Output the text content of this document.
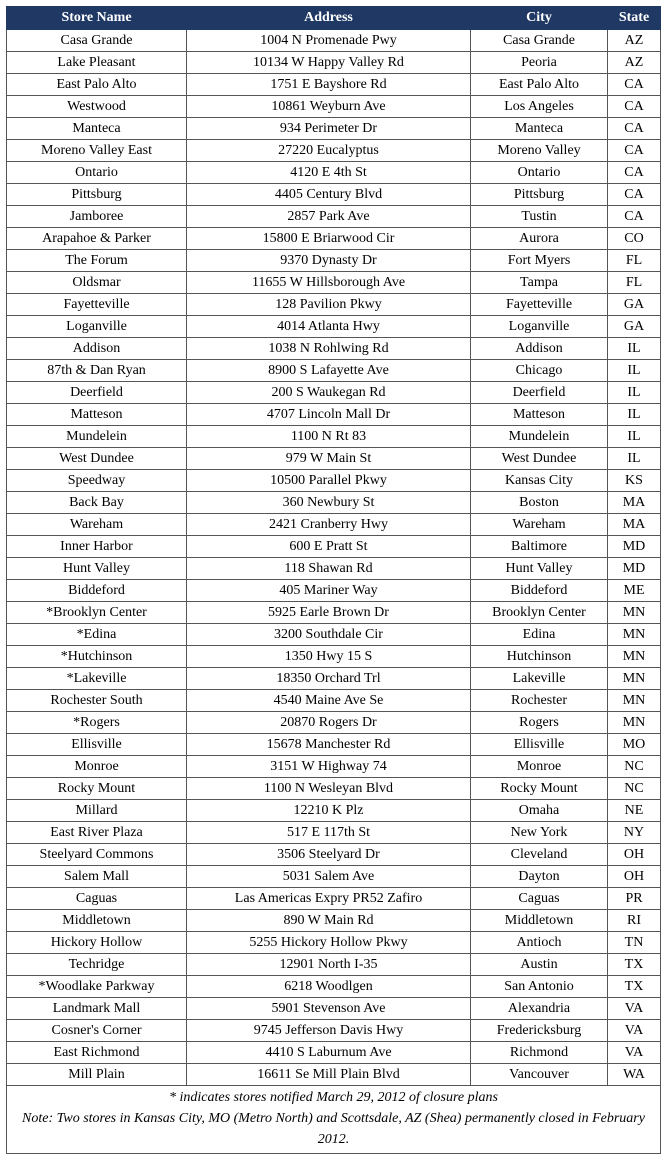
Store Name	Address	City	State
Casa Grande	1004 N Promenade Pwy	Casa Grande	AZ
Lake Pleasant	10134 W Happy Valley Rd	Peoria	AZ
East Palo Alto	1751 E Bayshore Rd	East Palo Alto	CA
Westwood	10861 Weyburn Ave	Los Angeles	CA
Manteca	934 Perimeter Dr	Manteca	CA
Moreno Valley East	27220 Eucalyptus	Moreno Valley	CA
Ontario	4120 E 4th St	Ontario	CA
Pittsburg	4405 Century Blvd	Pittsburg	CA
Jamboree	2857 Park Ave	Tustin	CA
Arapahoe & Parker	15800 E Briarwood Cir	Aurora	CO
The Forum	9370 Dynasty Dr	Fort Myers	FL
Oldsmar	11655 W Hillsborough Ave	Tampa	FL
Fayetteville	128 Pavilion Pkwy	Fayetteville	GA
Loganville	4014 Atlanta Hwy	Loganville	GA
Addison	1038 N Rohlwing Rd	Addison	IL
87th & Dan Ryan	8900 S Lafayette Ave	Chicago	IL
Deerfield	200 S Waukegan Rd	Deerfield	IL
Matteson	4707 Lincoln Mall Dr	Matteson	IL
Mundelein	1100 N Rt 83	Mundelein	IL
West Dundee	979 W Main St	West Dundee	IL
Speedway	10500 Parallel Pkwy	Kansas City	KS
Back Bay	360 Newbury St	Boston	MA
Wareham	2421 Cranberry Hwy	Wareham	MA
Inner Harbor	600 E Pratt St	Baltimore	MD
Hunt Valley	118 Shawan Rd	Hunt Valley	MD
Biddeford	405 Mariner Way	Biddeford	ME
*Brooklyn Center	5925 Earle Brown Dr	Brooklyn Center	MN
*Edina	3200 Southdale Cir	Edina	MN
*Hutchinson	1350 Hwy 15 S	Hutchinson	MN
*Lakeville	18350 Orchard Trl	Lakeville	MN
Rochester South	4540 Maine Ave Se	Rochester	MN
*Rogers	20870 Rogers Dr	Rogers	MN
Ellisville	15678 Manchester Rd	Ellisville	MO
Monroe	3151 W Highway 74	Monroe	NC
Rocky Mount	1100 N Wesleyan Blvd	Rocky Mount	NC
Millard	12210 K Plz	Omaha	NE
East River Plaza	517 E 117th St	New York	NY
Steelyard Commons	3506 Steelyard Dr	Cleveland	OH
Salem Mall	5031 Salem Ave	Dayton	OH
Caguas	Las Americas Expry PR52 Zafiro	Caguas	PR
Middletown	890 W Main Rd	Middletown	RI
Hickory Hollow	5255 Hickory Hollow Pkwy	Antioch	TN
Techridge	12901 North I-35	Austin	TX
*Woodlake Parkway	6218 Woodlgen	San Antonio	TX
Landmark Mall	5901 Stevenson Ave	Alexandria	VA
Cosner's Corner	9745 Jefferson Davis Hwy	Fredericksburg	VA
East Richmond	4410 S Laburnum Ave	Richmond	VA
Mill Plain	16611 Se Mill Plain Blvd	Vancouver	WA

* indicates stores notified March 29, 2012 of closure plans
Note: Two stores in Kansas City, MO (Metro North) and Scottsdale, AZ (Shea) permanently closed in February 2012.			
